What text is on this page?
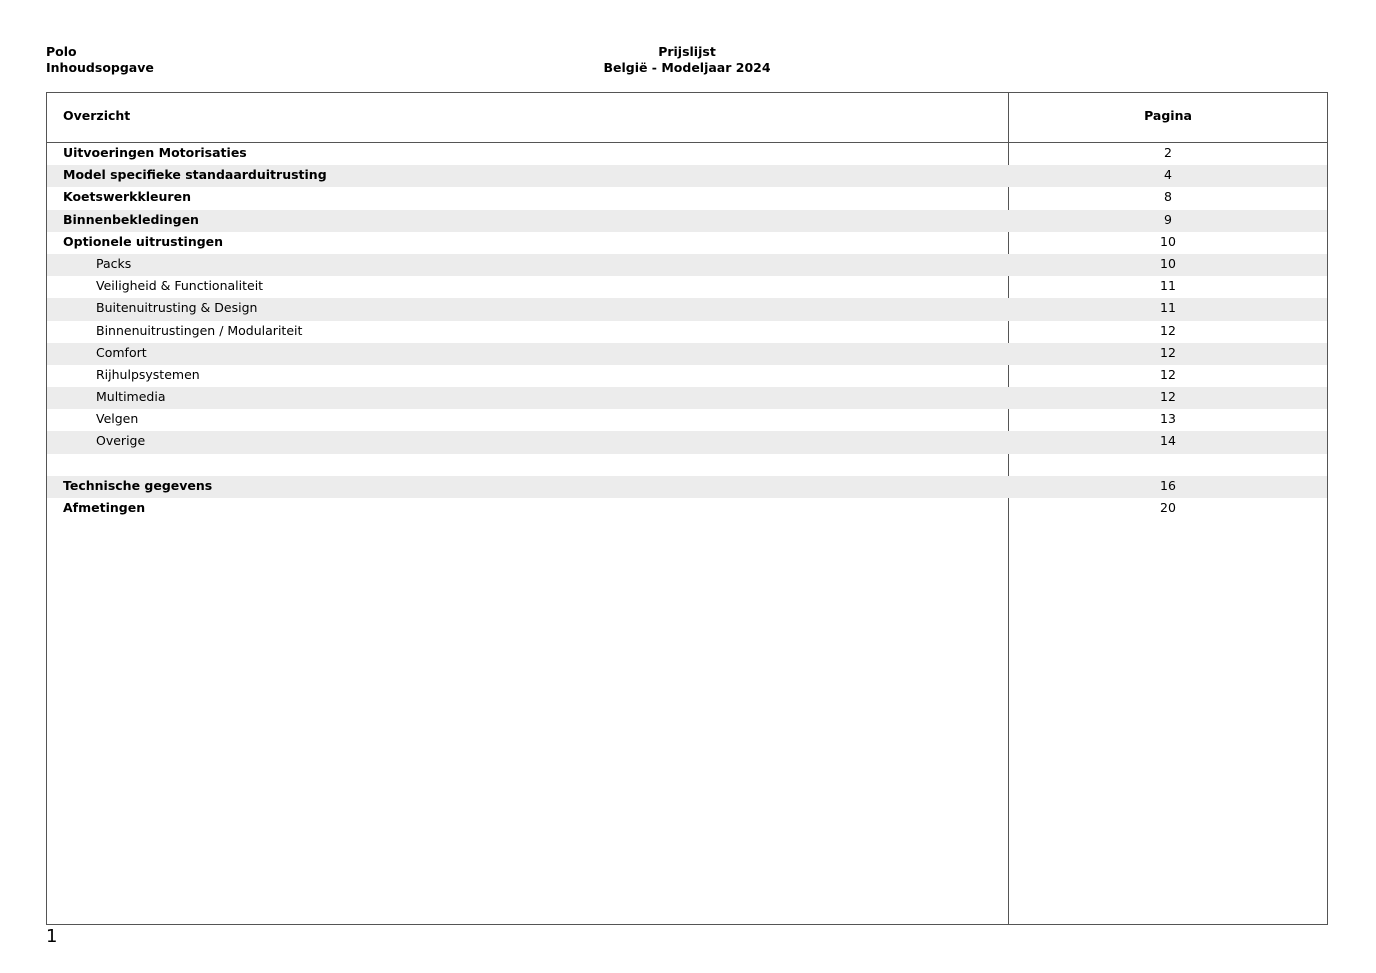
Polo
Inhoudsopgave
Prijslijst
België - Modeljaar 2024
Overzicht	Pagina
Uitvoeringen Motorisaties	2
Model specifieke standaarduitrusting	4
Koetswerkkleuren	8
Binnenbekledingen	9
Optionele uitrustingen	10
Packs	10
Veiligheid & Functionaliteit	11
Buitenuitrusting & Design	11
Binnenuitrustingen / Modulariteit	12
Comfort	12
Rijhulpsystemen	12
Multimedia	12
Velgen	13
Overige	14
Technische gegevens	16
Afmetingen	20
1
